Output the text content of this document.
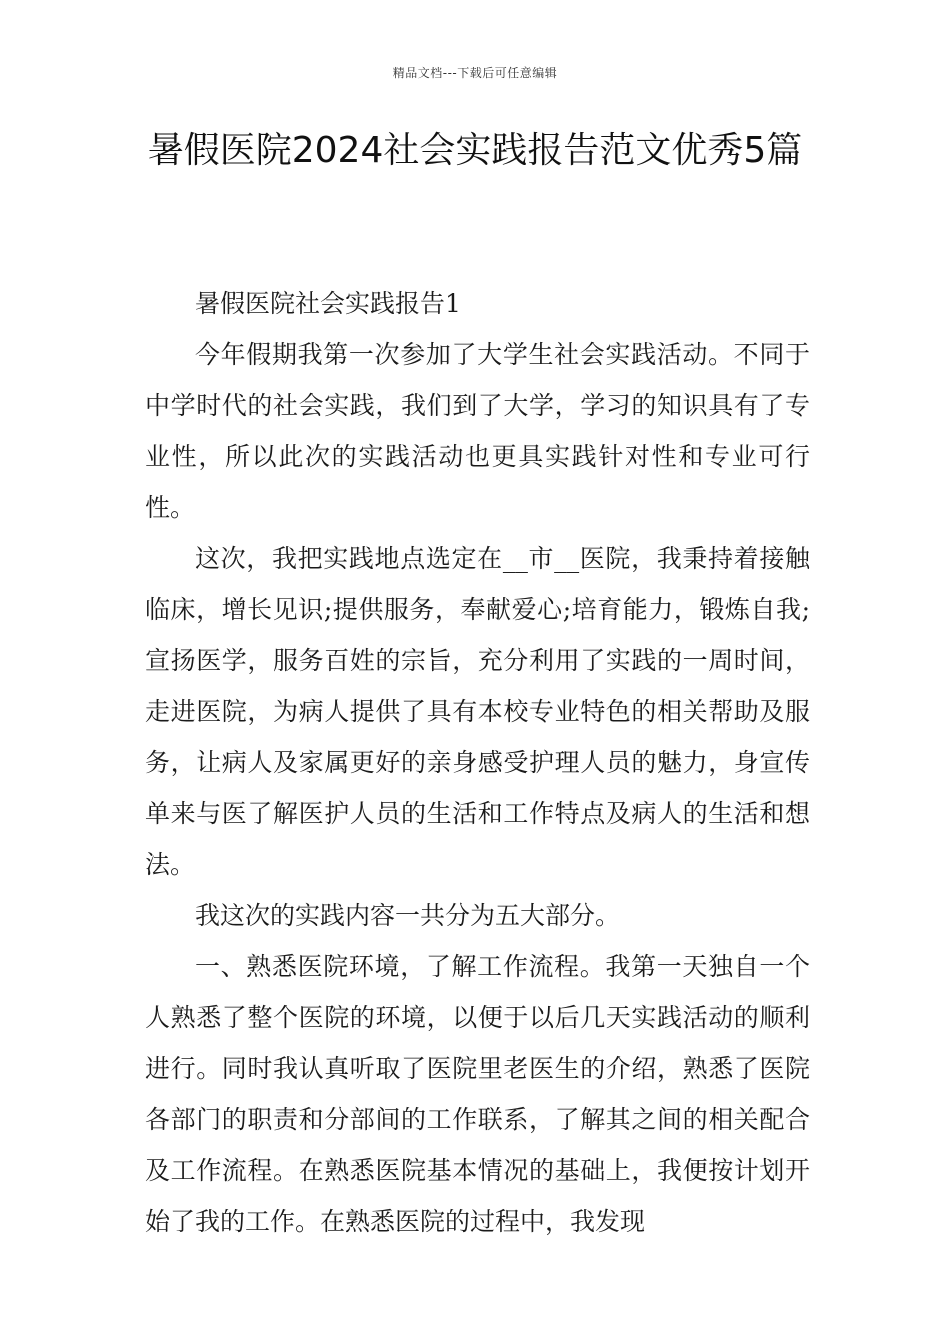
精品文档---下载后可任意编辑
暑假医院2024社会实践报告范文优秀5篇

暑假医院社会实践报告1

今年假期我第一次参加了大学生社会实践活动。不同于中学时代的社会实践，我们到了大学，学习的知识具有了专业性，所以此次的实践活动也更具实践针对性和专业可行性。

这次，我把实践地点选定在__市__医院，我秉持着接触临床，增长见识;提供服务，奉献爱心;培育能力，锻炼自我;宣扬医学，服务百姓的宗旨，充分利用了实践的一周时间，走进医院，为病人提供了具有本校专业特色的相关帮助及服务，让病人及家属更好的亲身感受护理人员的魅力，身宣传单来与医了解医护人员的生活和工作特点及病人的生活和想法。

我这次的实践内容一共分为五大部分。

一、熟悉医院环境，了解工作流程。我第一天独自一个人熟悉了整个医院的环境，以便于以后几天实践活动的顺利进行。同时我认真听取了医院里老医生的介绍，熟悉了医院各部门的职责和分部间的工作联系，了解其之间的相关配合及工作流程。在熟悉医院基本情况的基础上，我便按计划开始了我的工作。在熟悉医院的过程中，我发现
